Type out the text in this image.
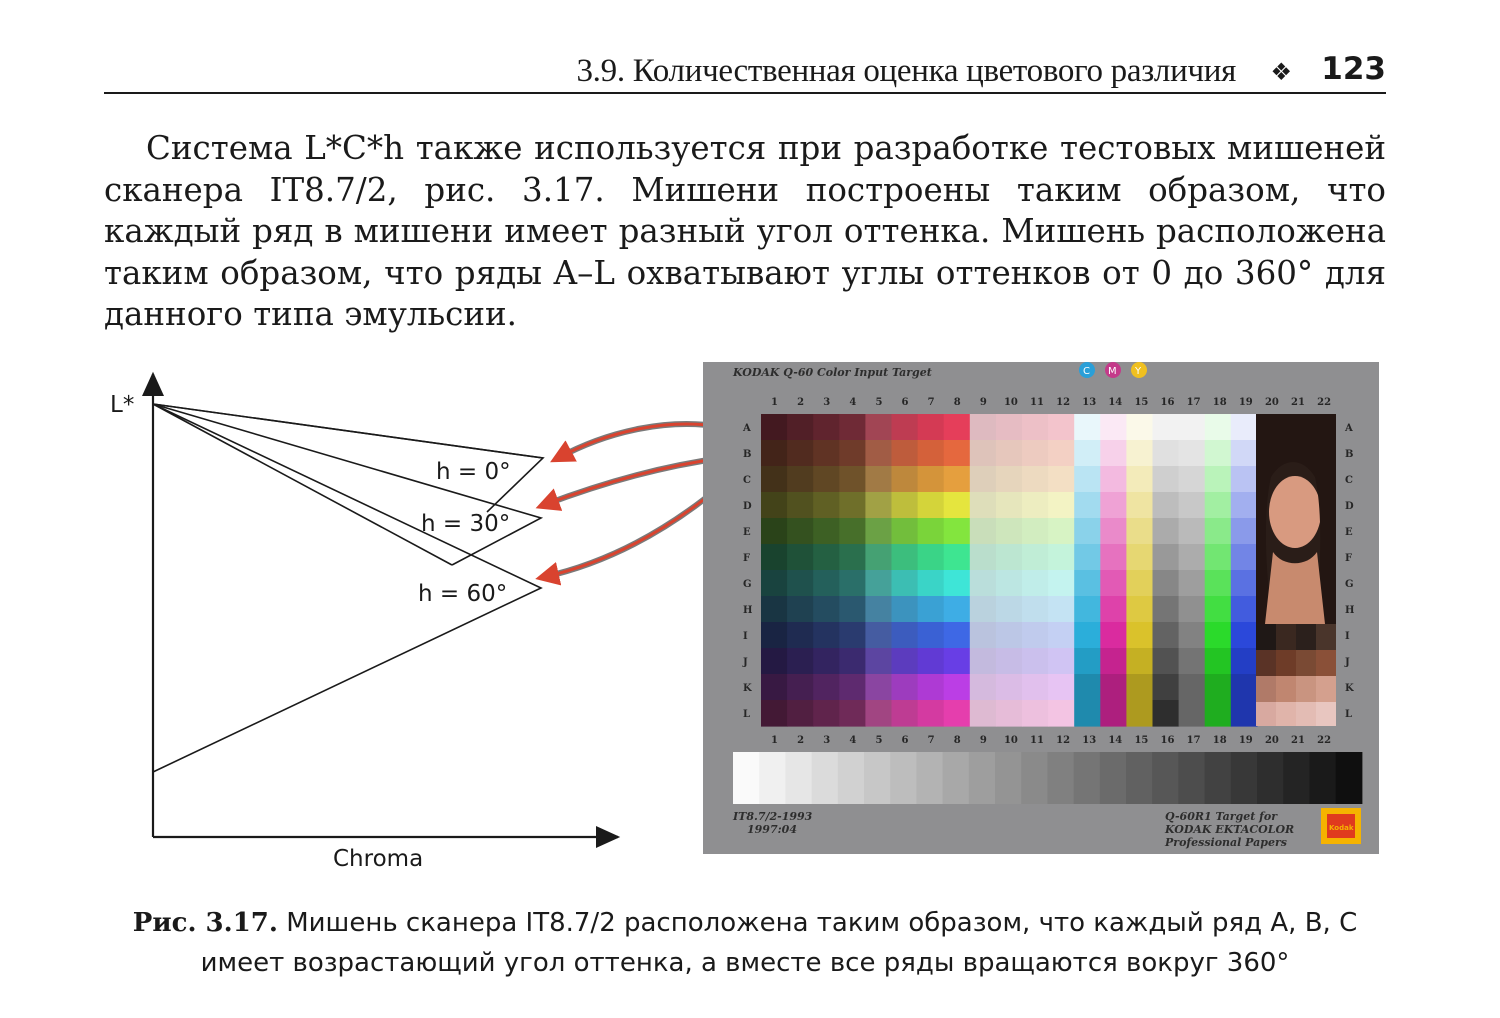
3.9. Количественная оценка цветового различия ❖ 123

Система L*C*h также используется при разработке тестовых мишеней сканера IT8.7/2, рис. 3.17. Мишени построены таким образом, что каждый ряд в мишени имеет разный угол оттенка. Мишень расположена таким образом, что ряды A–L охватывают углы оттенков от 0 до 360° для данного типа эмульсии.

L*
Chroma
h = 0°
h = 30°
h = 60°
KODAK Q-60 Color Input Target	C M Y
1 2 3 4 5 6 7 8 9 10 11 12 13 14 15 16 17 18 19 20 21 22
1 2 3 4 5 6 7 8 9 10 11 12 13 14 15 16 17 18 19 20 21 22
A
B
C
D
E
F
G
H
I
J
K
L
A
B
C
D
E
F
G
H
I
J
K
L
IT8.7/2-1993
1997:04
Q-60R1 Target for
KODAK EKTACOLOR
Professional Papers
Kodak

Рис. 3.17. Мишень сканера IT8.7/2 расположена таким образом, что каждый ряд A, B, C имеет возрастающий угол оттенка, а вместе все ряды вращаются вокруг 360°
